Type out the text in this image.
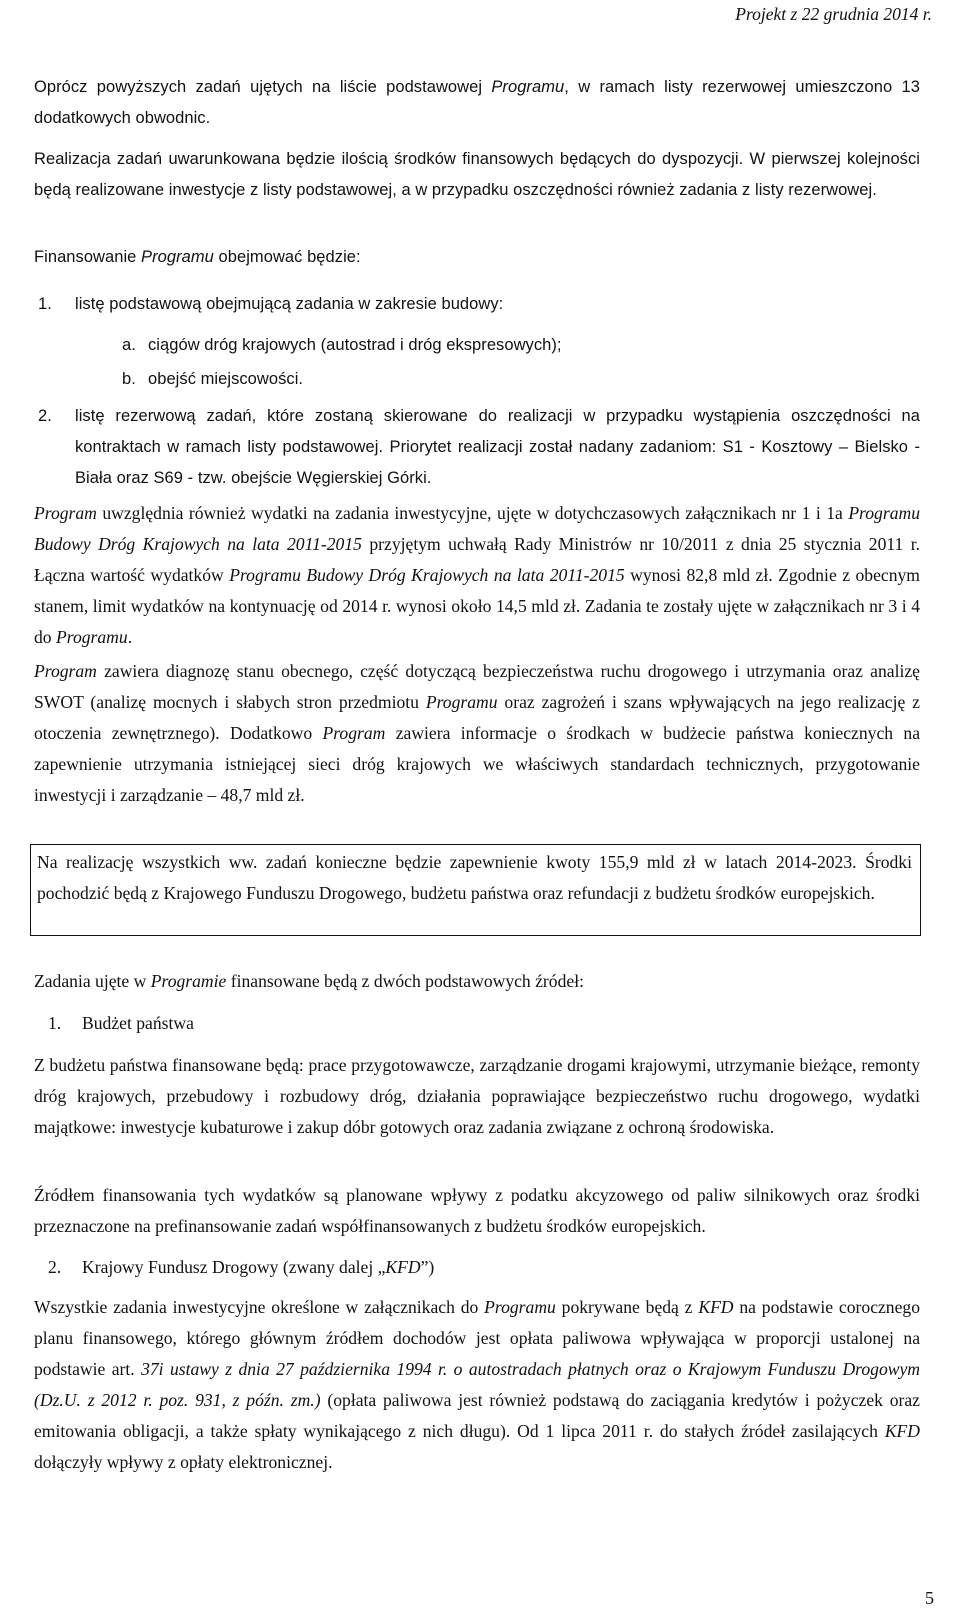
Projekt z 22 grudnia 2014 r.

Oprócz powyższych zadań ujętych na liście podstawowej Programu, w ramach listy rezerwowej umieszczono 13 dodatkowych obwodnic.

Realizacja zadań uwarunkowana będzie ilością środków finansowych będących do dyspozycji. W pierwszej kolejności będą realizowane inwestycje z listy podstawowej, a w przypadku oszczędności również zadania z listy rezerwowej.

Finansowanie Programu obejmować będzie:

1. listę podstawową obejmującą zadania w zakresie budowy:

a. ciągów dróg krajowych (autostrad i dróg ekspresowych);

b. obejść miejscowości.

2. listę rezerwową zadań, które zostaną skierowane do realizacji w przypadku wystąpienia oszczędności na kontraktach w ramach listy podstawowej. Priorytet realizacji został nadany zadaniom: S1 - Kosztowy – Bielsko -Biała oraz S69 - tzw. obejście Węgierskiej Górki.

Program uwzględnia również wydatki na zadania inwestycyjne, ujęte w dotychczasowych załącznikach nr 1 i 1a Programu Budowy Dróg Krajowych na lata 2011-2015 przyjętym uchwałą Rady Ministrów nr 10/2011 z dnia 25 stycznia 2011 r. Łączna wartość wydatków Programu Budowy Dróg Krajowych na lata 2011-2015 wynosi 82,8 mld zł. Zgodnie z obecnym stanem, limit wydatków na kontynuację od 2014 r. wynosi około 14,5 mld zł. Zadania te zostały ujęte w załącznikach nr 3 i 4 do Programu.

Program zawiera diagnozę stanu obecnego, część dotyczącą bezpieczeństwa ruchu drogowego i utrzymania oraz analizę SWOT (analizę mocnych i słabych stron przedmiotu Programu oraz zagrożeń i szans wpływających na jego realizację z otoczenia zewnętrznego). Dodatkowo Program zawiera informacje o środkach w budżecie państwa koniecznych na zapewnienie utrzymania istniejącej sieci dróg krajowych we właściwych standardach technicznych, przygotowanie inwestycji i zarządzanie – 48,7 mld zł.

Na realizację wszystkich ww. zadań konieczne będzie zapewnienie kwoty 155,9 mld zł w latach 2014-2023. Środki pochodzić będą z Krajowego Funduszu Drogowego, budżetu państwa oraz refundacji z budżetu środków europejskich.

Zadania ujęte w Programie finansowane będą z dwóch podstawowych źródeł:

1. Budżet państwa

Z budżetu państwa finansowane będą: prace przygotowawcze, zarządzanie drogami krajowymi, utrzymanie bieżące, remonty dróg krajowych, przebudowy i rozbudowy dróg, działania poprawiające bezpieczeństwo ruchu drogowego, wydatki majątkowe: inwestycje kubaturowe i zakup dóbr gotowych oraz zadania związane z ochroną środowiska.

Źródłem finansowania tych wydatków są planowane wpływy z podatku akcyzowego od paliw silnikowych oraz środki przeznaczone na prefinansowanie zadań współfinansowanych z budżetu środków europejskich.

2. Krajowy Fundusz Drogowy (zwany dalej „KFD”)

Wszystkie zadania inwestycyjne określone w załącznikach do Programu pokrywane będą z KFD na podstawie corocznego planu finansowego, którego głównym źródłem dochodów jest opłata paliwowa wpływająca w proporcji ustalonej na podstawie art. 37i ustawy z dnia 27 października 1994 r. o autostradach płatnych oraz o Krajowym Funduszu Drogowym (Dz.U. z 2012 r. poz. 931, z późn. zm.) (opłata paliwowa jest również podstawą do zaciągania kredytów i pożyczek oraz emitowania obligacji, a także spłaty wynikającego z nich długu). Od 1 lipca 2011 r. do stałych źródeł zasilających KFD dołączyły wpływy z opłaty elektronicznej.

5
